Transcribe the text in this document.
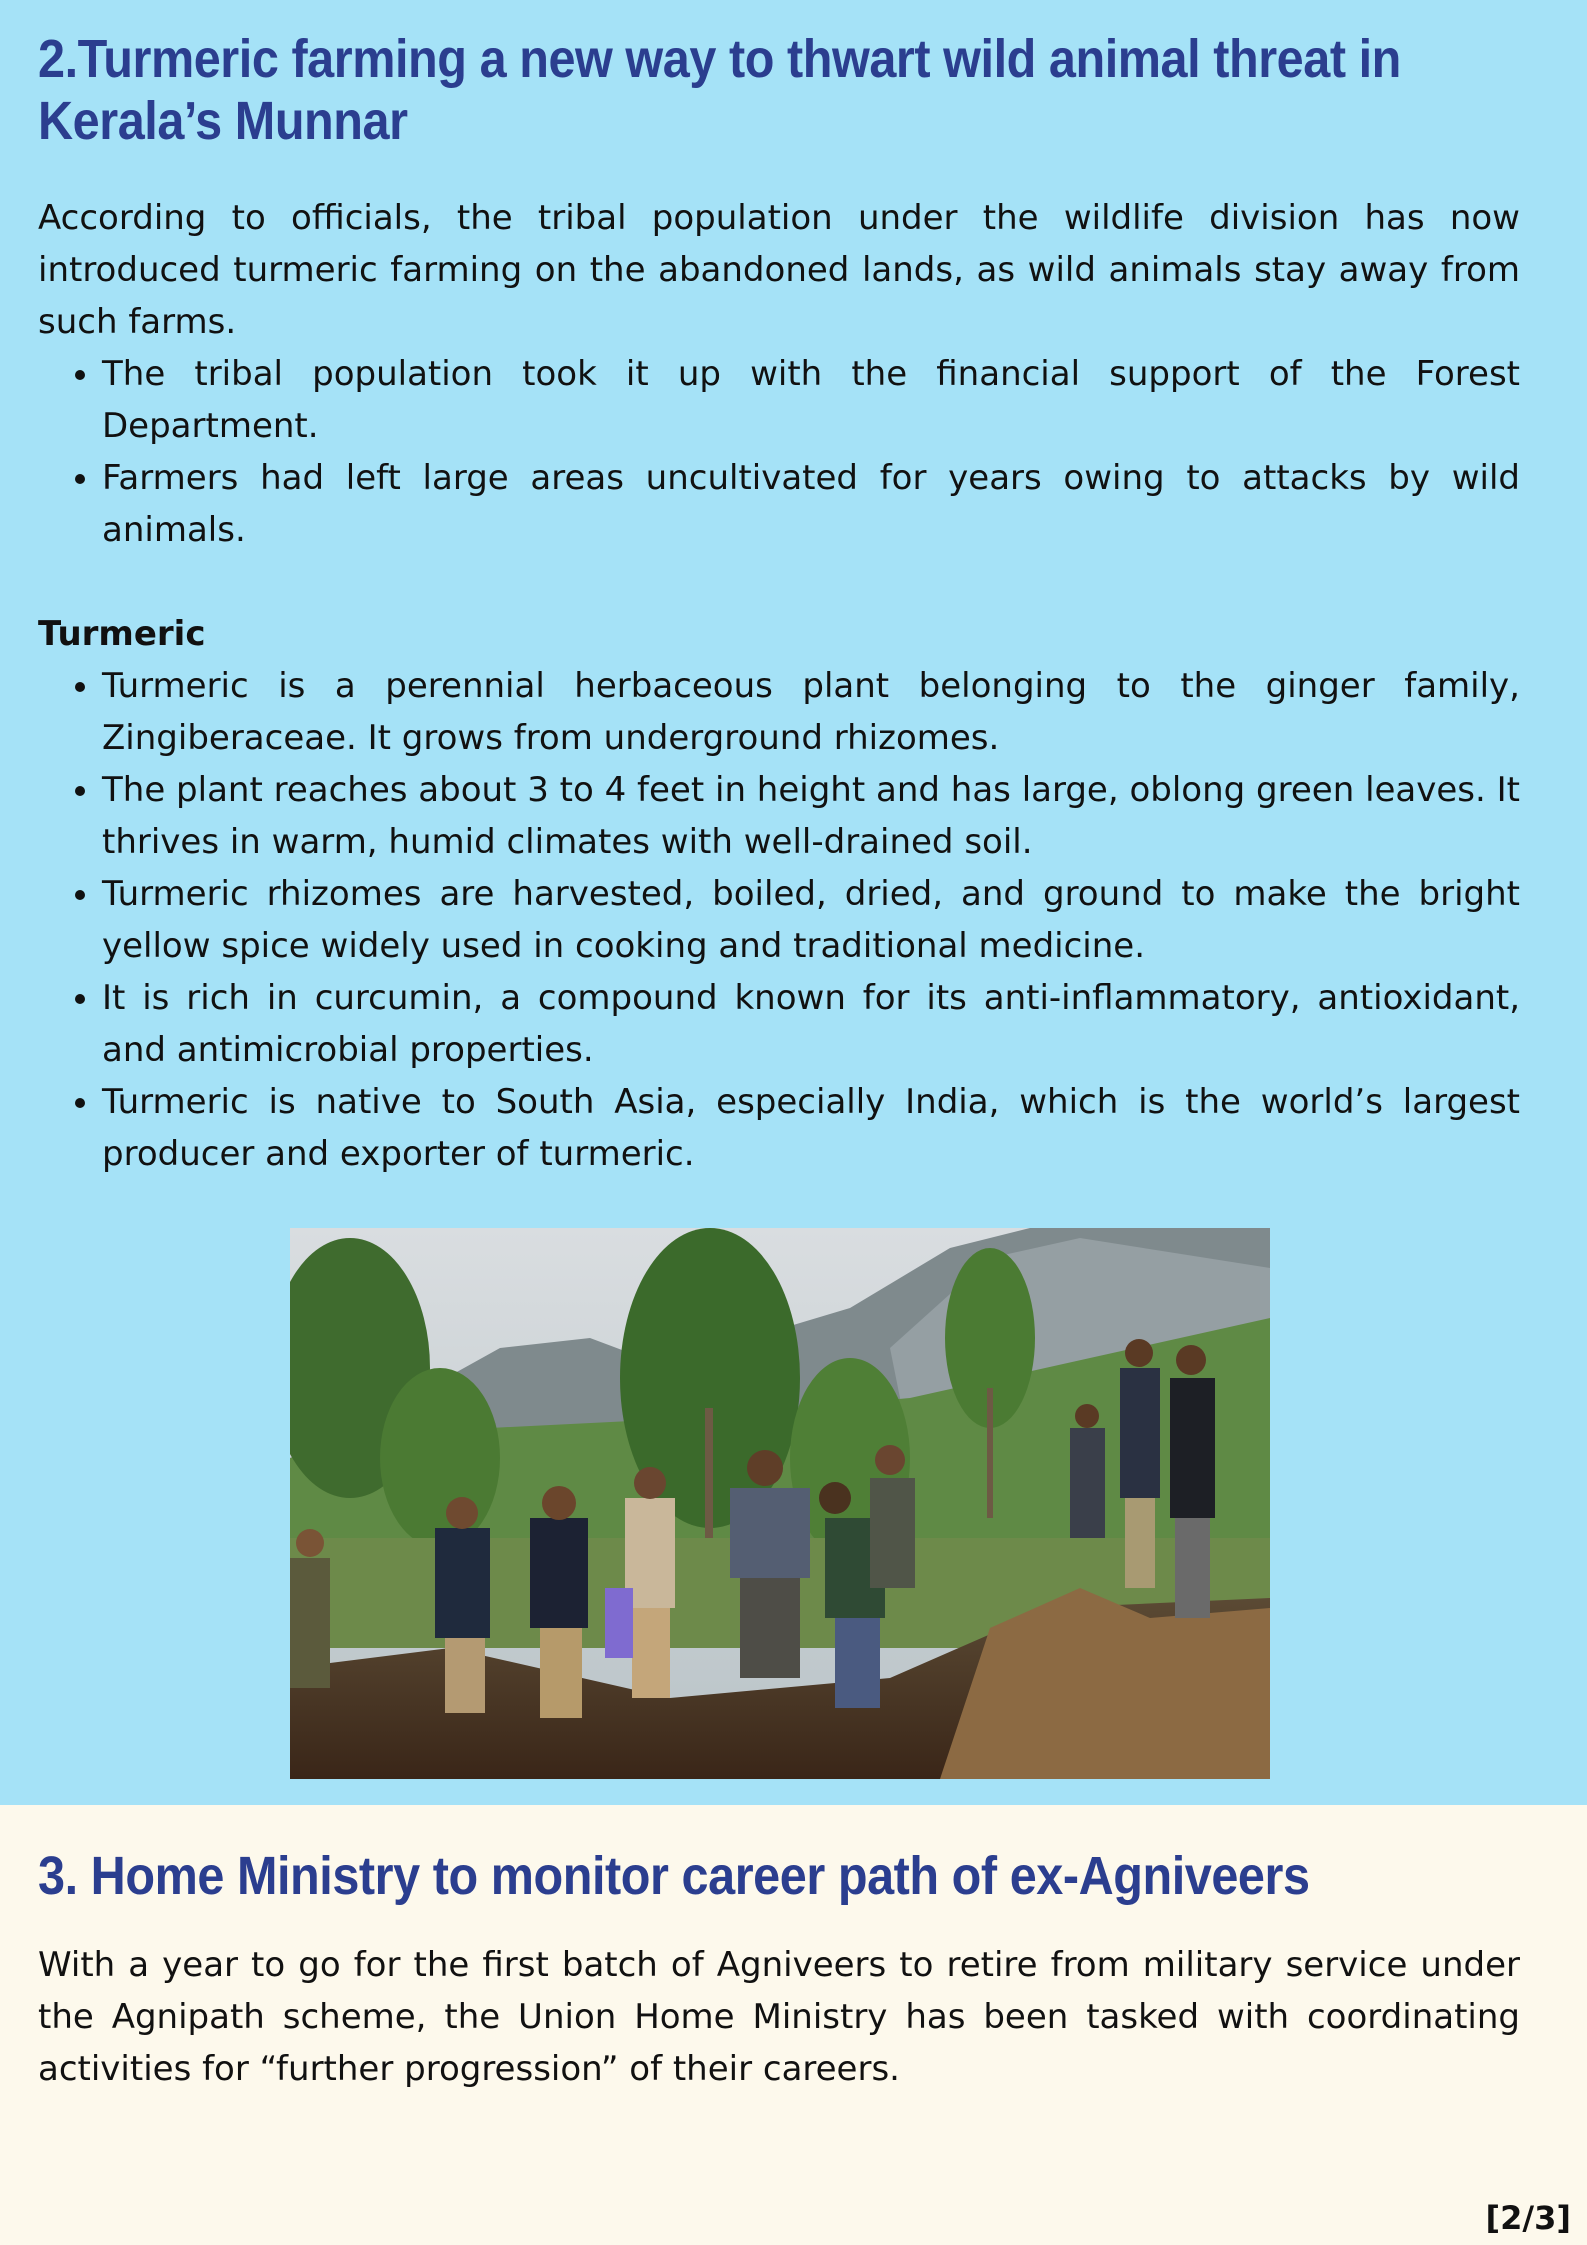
2.Turmeric farming a new way to thwart wild animal threat in Kerala’s Munnar

According to officials, the tribal population under the wildlife division has now introduced turmeric farming on the abandoned lands, as wild animals stay away from such farms.

• The tribal population took it up with the financial support of the Forest Department.
• Farmers had left large areas uncultivated for years owing to attacks by wild animals.
Turmeric
• Turmeric is a perennial herbaceous plant belonging to the ginger family, Zingiberaceae. It grows from underground rhizomes.
• The plant reaches about 3 to 4 feet in height and has large, oblong green leaves. It thrives in warm, humid climates with well-drained soil.
• Turmeric rhizomes are harvested, boiled, dried, and ground to make the bright yellow spice widely used in cooking and traditional medicine.
• It is rich in curcumin, a compound known for its anti-inflammatory, antioxidant, and antimicrobial properties.
• Turmeric is native to South Asia, especially India, which is the world’s largest producer and exporter of turmeric.
3. Home Ministry to monitor career path of ex-Agniveers

With a year to go for the first batch of Agniveers to retire from military service under the Agnipath scheme, the Union Home Ministry has been tasked with coordinating activities for “further progression” of their careers.

[2/3]
